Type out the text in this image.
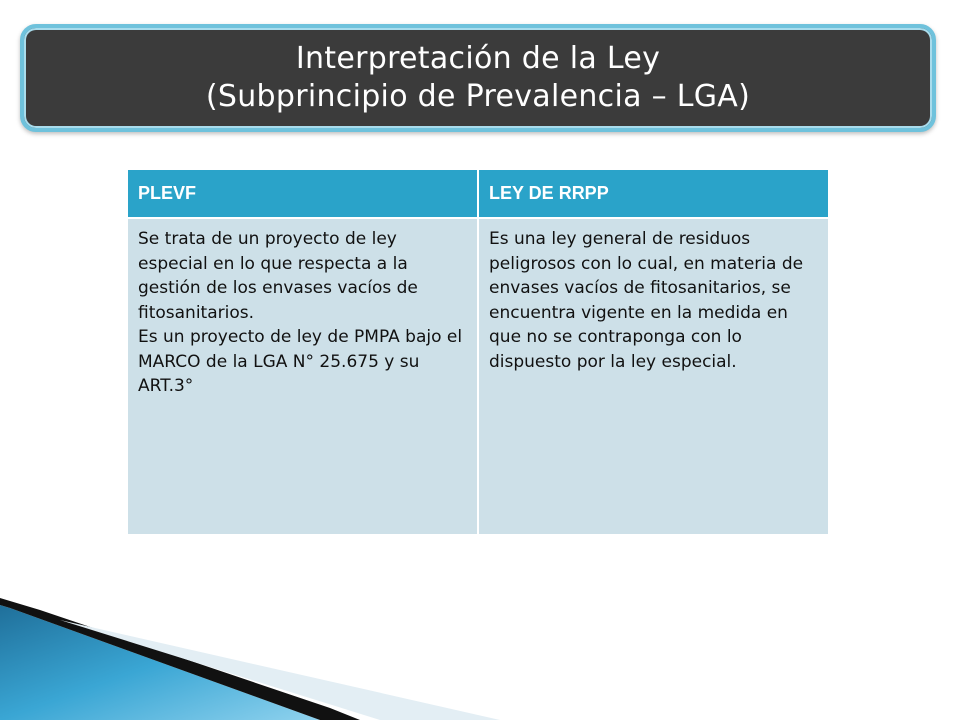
Interpretación de la Ley
(Subprincipio de Prevalencia – LGA)
PLEVF	LEY DE RRPP

Se trata de un proyecto de ley especial en lo que respecta a la gestión de los envases vacíos de fitosanitarios.

Es un proyecto de ley de PMPA bajo el MARCO de la LGA N° 25.675 y su ART.3°	Es una ley general de residuos peligrosos con lo cual, en materia de envases vacíos de fitosanitarios, se encuentra vigente en la medida en que no se contraponga con lo dispuesto por la ley especial.
